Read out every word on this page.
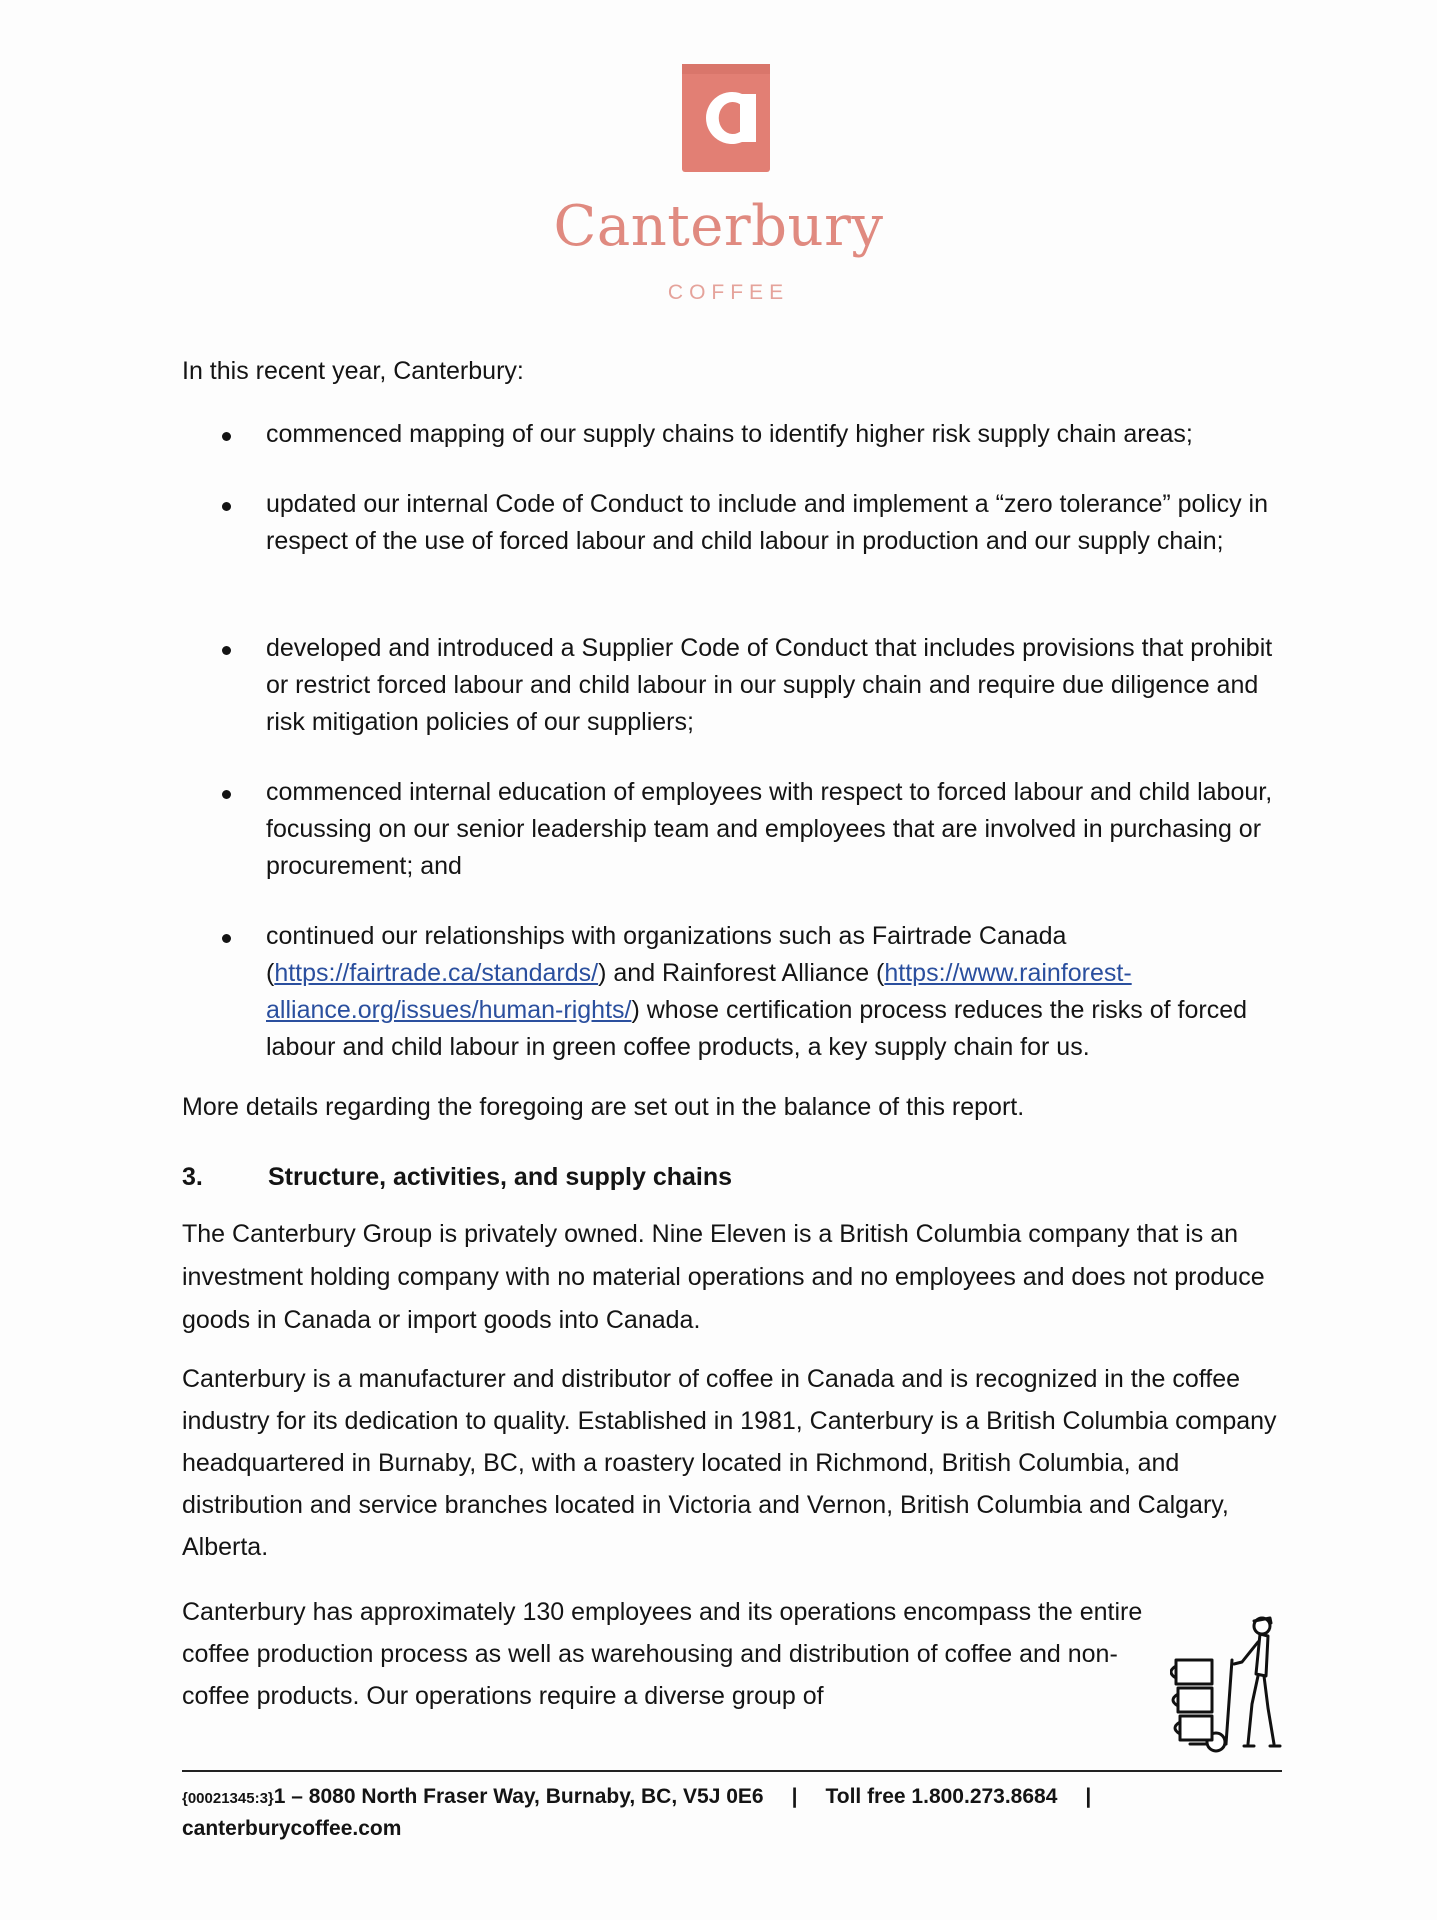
Canterbury
COFFEE
In this recent year, Canterbury:
commenced mapping of our supply chains to identify higher risk supply chain areas;
updated our internal Code of Conduct to include and implement a “zero tolerance” policy in respect of the use of forced labour and child labour in production and our supply chain;
developed and introduced a Supplier Code of Conduct that includes provisions that prohibit or restrict forced labour and child labour in our supply chain and require due diligence and risk mitigation policies of our suppliers;
commenced internal education of employees with respect to forced labour and child labour, focussing on our senior leadership team and employees that are involved in purchasing or procurement; and
continued our relationships with organizations such as Fairtrade Canada (https://fairtrade.ca/standards/) and Rainforest Alliance (https://www.rainforest-alliance.org/issues/human-rights/) whose certification process reduces the risks of forced labour and child labour in green coffee products, a key supply chain for us.
More details regarding the foregoing are set out in the balance of this report.
3.	Structure, activities, and supply chains
The Canterbury Group is privately owned. Nine Eleven is a British Columbia company that is an investment holding company with no material operations and no employees and does not produce goods in Canada or import goods into Canada.
Canterbury is a manufacturer and distributor of coffee in Canada and is recognized in the coffee industry for its dedication to quality. Established in 1981, Canterbury is a British Columbia company headquartered in Burnaby, BC, with a roastery located in Richmond, British Columbia, and distribution and service branches located in Victoria and Vernon, British Columbia and Calgary, Alberta.
Canterbury has approximately 130 employees and its operations encompass the entire coffee production process as well as warehousing and distribution of coffee and non-coffee products. Our operations require a diverse group of
{00021345:3}1 – 8080 North Fraser Way, Burnaby, BC, V5J 0E6 | Toll free 1.800.273.8684 |
canterburycoffee.com
